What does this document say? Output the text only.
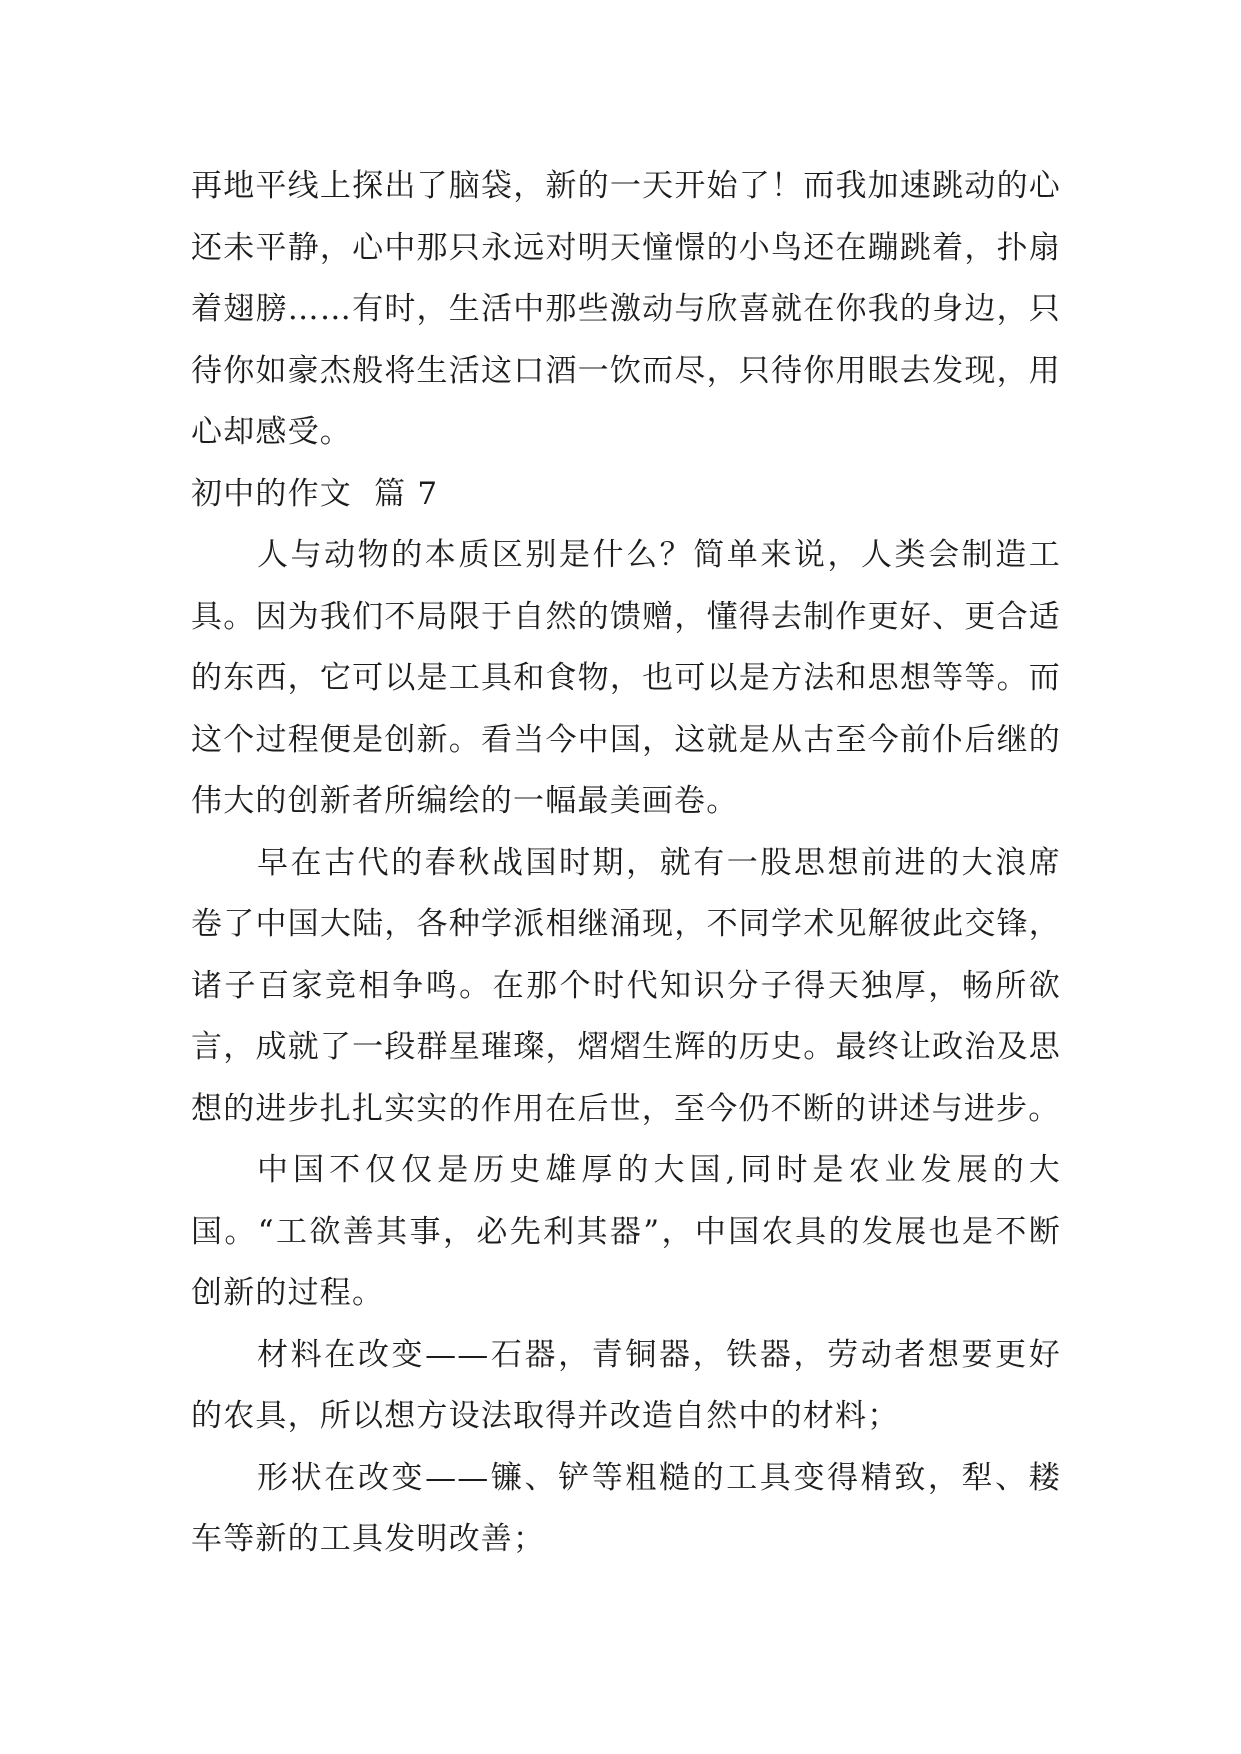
再地平线上探出了脑袋，新的一天开始了！而我加速跳动的心还未平静，心中那只永远对明天憧憬的小鸟还在蹦跳着，扑扇着翅膀……有时，生活中那些激动与欣喜就在你我的身边，只待你如豪杰般将生活这口酒一饮而尽，只待你用眼去发现，用心却感受。

初中的作文  篇 7

人与动物的本质区别是什么？简单来说，人类会制造工具。因为我们不局限于自然的馈赠，懂得去制作更好、更合适的东西，它可以是工具和食物，也可以是方法和思想等等。而这个过程便是创新。看当今中国，这就是从古至今前仆后继的伟大的创新者所编绘的一幅最美画卷。

早在古代的春秋战国时期，就有一股思想前进的大浪席卷了中国大陆，各种学派相继涌现，不同学术见解彼此交锋，诸子百家竞相争鸣。在那个时代知识分子得天独厚，畅所欲言，成就了一段群星璀璨，熠熠生辉的历史。最终让政治及思想的进步扎扎实实的作用在后世，至今仍不断的讲述与进步。

中国不仅仅是历史雄厚的大国,同时是农业发展的大国。“工欲善其事，必先利其器”，中国农具的发展也是不断创新的过程。

材料在改变——石器，青铜器，铁器，劳动者想要更好的农具，所以想方设法取得并改造自然中的材料；

形状在改变——镰、铲等粗糙的工具变得精致，犁、耧车等新的工具发明改善；
